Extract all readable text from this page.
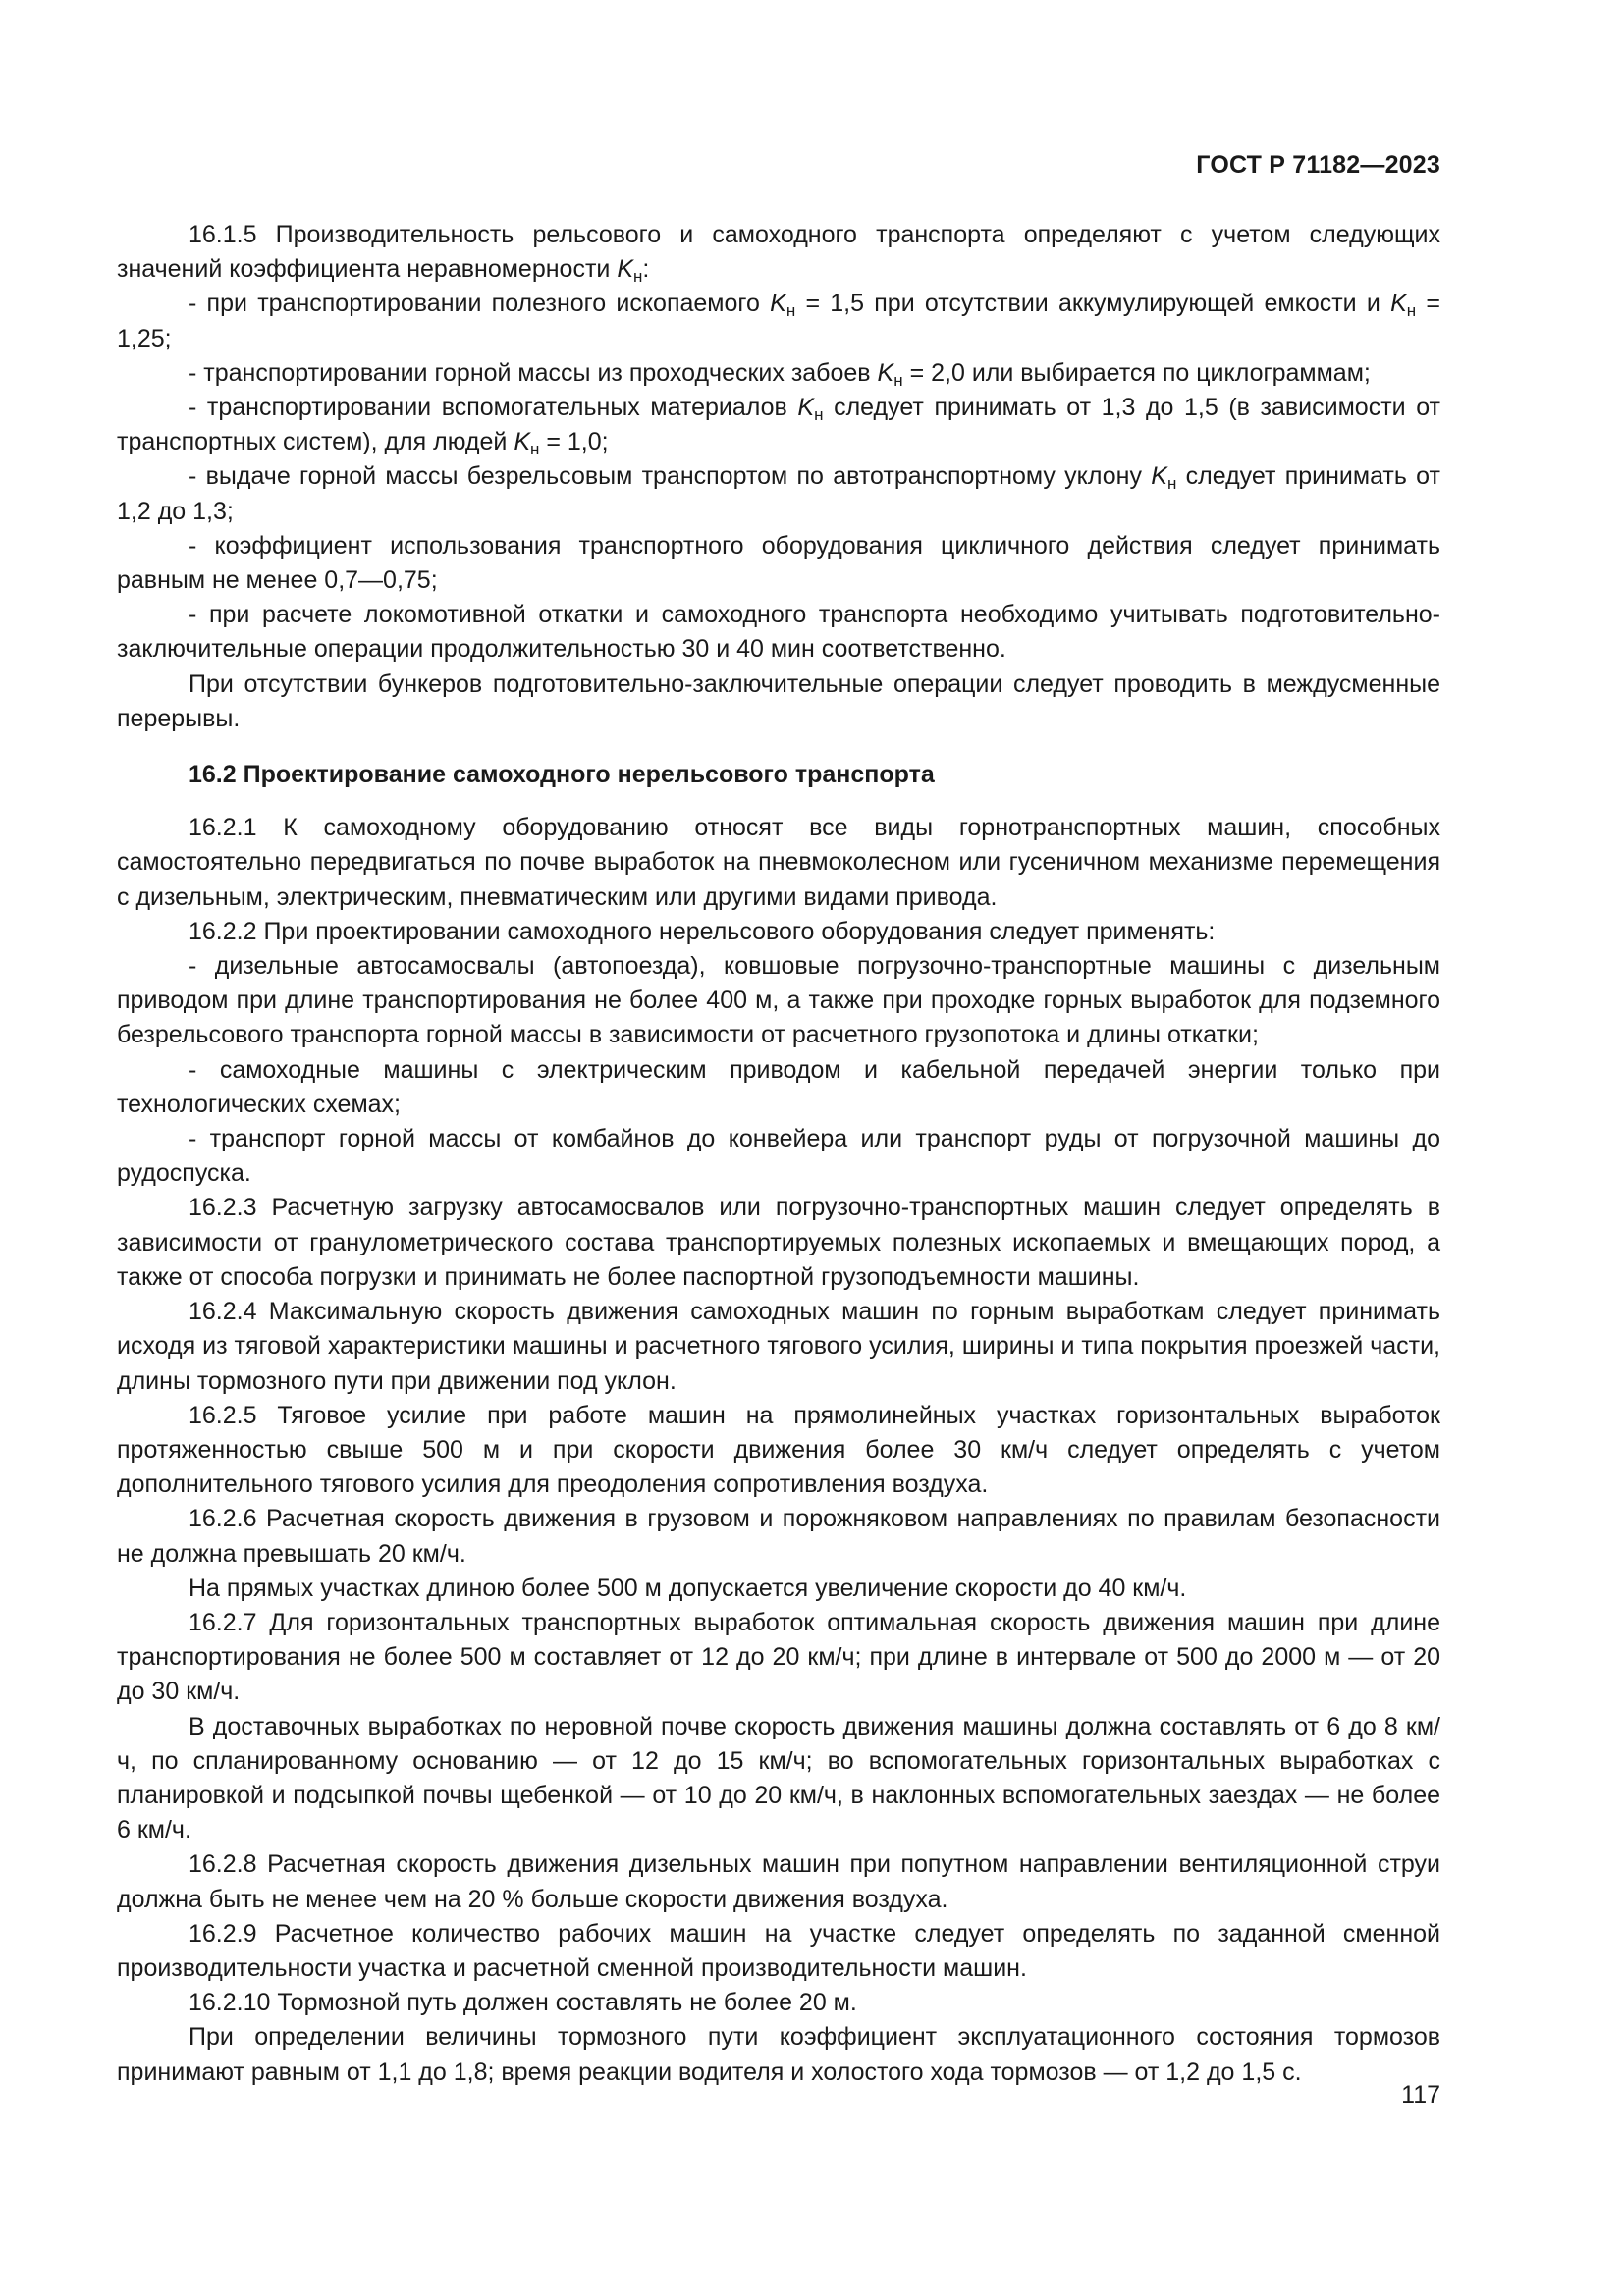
ГОСТ Р 71182—2023

16.1.5 Производительность рельсового и самоходного транспорта определяют с учетом следующих значений коэффициента неравномерности $K_н$:

- при транспортировании полезного ископаемого $K_н = 1,5$ при отсутствии аккумулирующей емкости и $K_н = 1,25$;

- транспортировании горной массы из проходческих забоев $K_н = 2,0$ или выбирается по циклограммам;

- транспортировании вспомогательных материалов $K_н$ следует принимать от 1,3 до 1,5 (в зависимости от транспортных систем), для людей $K_н = 1,0$;

- выдаче горной массы безрельсовым транспортом по автотранспортному уклону $K_н$ следует принимать от 1,2 до 1,3;

- коэффициент использования транспортного оборудования цикличного действия следует принимать равным не менее 0,7—0,75;

- при расчете локомотивной откатки и самоходного транспорта необходимо учитывать подготовительно-заключительные операции продолжительностью 30 и 40 мин соответственно.

При отсутствии бункеров подготовительно-заключительные операции следует проводить в междусменные перерывы.

16.2 Проектирование самоходного нерельсового транспорта

16.2.1 К самоходному оборудованию относят все виды горнотранспортных машин, способных самостоятельно передвигаться по почве выработок на пневмоколесном или гусеничном механизме перемещения с дизельным, электрическим, пневматическим или другими видами привода.

16.2.2 При проектировании самоходного нерельсового оборудования следует применять:

- дизельные автосамосвалы (автопоезда), ковшовые погрузочно-транспортные машины с дизельным приводом при длине транспортирования не более 400 м, а также при проходке горных выработок для подземного безрельсового транспорта горной массы в зависимости от расчетного грузопотока и длины откатки;

- самоходные машины с электрическим приводом и кабельной передачей энергии только при технологических схемах;

- транспорт горной массы от комбайнов до конвейера или транспорт руды от погрузочной машины до рудоспуска.

16.2.3 Расчетную загрузку автосамосвалов или погрузочно-транспортных машин следует определять в зависимости от гранулометрического состава транспортируемых полезных ископаемых и вмещающих пород, а также от способа погрузки и принимать не более паспортной грузоподъемности машины.

16.2.4 Максимальную скорость движения самоходных машин по горным выработкам следует принимать исходя из тяговой характеристики машины и расчетного тягового усилия, ширины и типа покрытия проезжей части, длины тормозного пути при движении под уклон.

16.2.5 Тяговое усилие при работе машин на прямолинейных участках горизонтальных выработок протяженностью свыше 500 м и при скорости движения более 30 км/ч следует определять с учетом дополнительного тягового усилия для преодоления сопротивления воздуха.

16.2.6 Расчетная скорость движения в грузовом и порожняковом направлениях по правилам безопасности не должна превышать 20 км/ч.

На прямых участках длиною более 500 м допускается увеличение скорости до 40 км/ч.

16.2.7 Для горизонтальных транспортных выработок оптимальная скорость движения машин при длине транспортирования не более 500 м составляет от 12 до 20 км/ч; при длине в интервале от 500 до 2000 м — от 20 до 30 км/ч.

В доставочных выработках по неровной почве скорость движения машины должна составлять от 6 до 8 км/ч, по спланированному основанию — от 12 до 15 км/ч; во вспомогательных горизонтальных выработках с планировкой и подсыпкой почвы щебенкой — от 10 до 20 км/ч, в наклонных вспомогательных заездах — не более 6 км/ч.

16.2.8 Расчетная скорость движения дизельных машин при попутном направлении вентиляционной струи должна быть не менее чем на 20 % больше скорости движения воздуха.

16.2.9 Расчетное количество рабочих машин на участке следует определять по заданной сменной производительности участка и расчетной сменной производительности машин.

16.2.10 Тормозной путь должен составлять не более 20 м.

При определении величины тормозного пути коэффициент эксплуатационного состояния тормозов принимают равным от 1,1 до 1,8; время реакции водителя и холостого хода тормозов — от 1,2 до 1,5 с.

117
